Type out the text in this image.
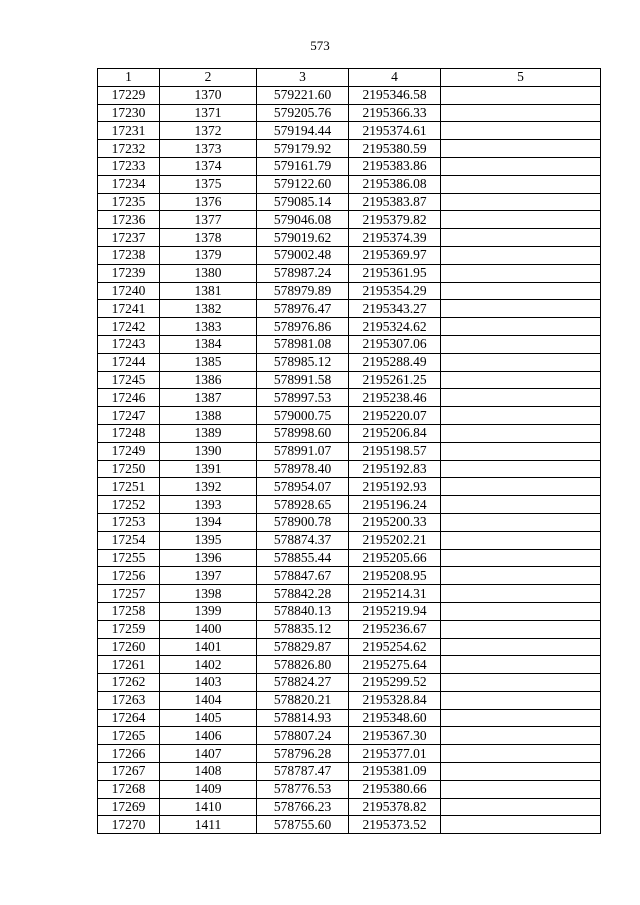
573
1	2	3	4	5
17229	1370	579221.60	2195346.58	
17230	1371	579205.76	2195366.33	
17231	1372	579194.44	2195374.61	
17232	1373	579179.92	2195380.59	
17233	1374	579161.79	2195383.86	
17234	1375	579122.60	2195386.08	
17235	1376	579085.14	2195383.87	
17236	1377	579046.08	2195379.82	
17237	1378	579019.62	2195374.39	
17238	1379	579002.48	2195369.97	
17239	1380	578987.24	2195361.95	
17240	1381	578979.89	2195354.29	
17241	1382	578976.47	2195343.27	
17242	1383	578976.86	2195324.62	
17243	1384	578981.08	2195307.06	
17244	1385	578985.12	2195288.49	
17245	1386	578991.58	2195261.25	
17246	1387	578997.53	2195238.46	
17247	1388	579000.75	2195220.07	
17248	1389	578998.60	2195206.84	
17249	1390	578991.07	2195198.57	
17250	1391	578978.40	2195192.83	
17251	1392	578954.07	2195192.93	
17252	1393	578928.65	2195196.24	
17253	1394	578900.78	2195200.33	
17254	1395	578874.37	2195202.21	
17255	1396	578855.44	2195205.66	
17256	1397	578847.67	2195208.95	
17257	1398	578842.28	2195214.31	
17258	1399	578840.13	2195219.94	
17259	1400	578835.12	2195236.67	
17260	1401	578829.87	2195254.62	
17261	1402	578826.80	2195275.64	
17262	1403	578824.27	2195299.52	
17263	1404	578820.21	2195328.84	
17264	1405	578814.93	2195348.60	
17265	1406	578807.24	2195367.30	
17266	1407	578796.28	2195377.01	
17267	1408	578787.47	2195381.09	
17268	1409	578776.53	2195380.66	
17269	1410	578766.23	2195378.82	
17270	1411	578755.60	2195373.52	
